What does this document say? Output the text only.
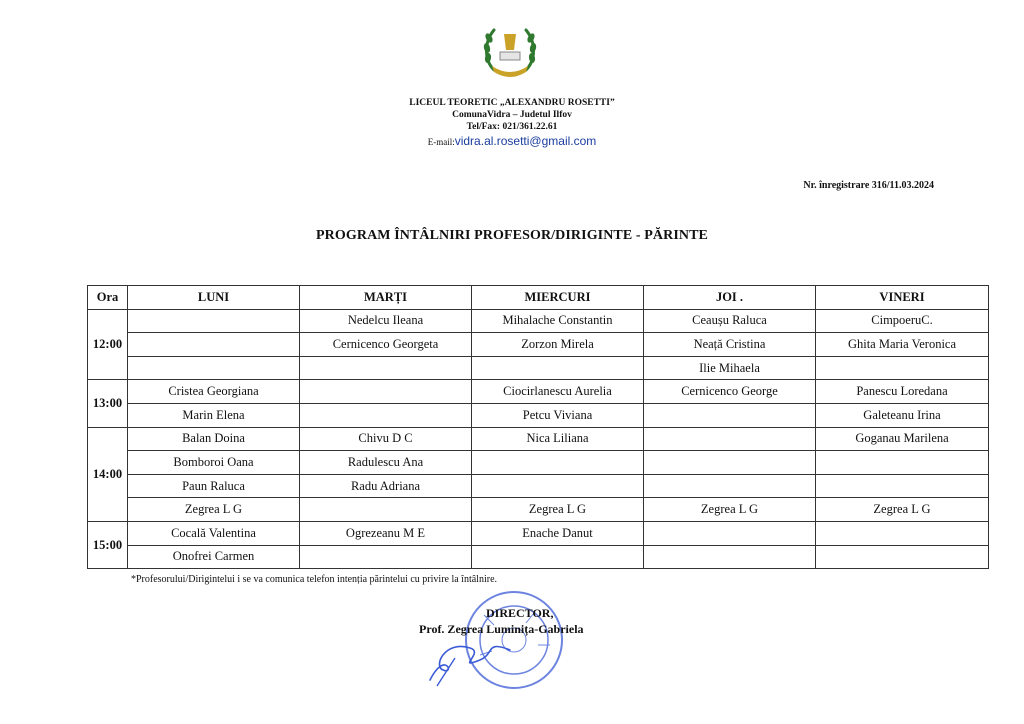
LICEUL TEORETIC „ALEXANDRU ROSETTI”
ComunaVidra – Judetul Ilfov
Tel/Fax: 021/361.22.61
E-mail:vidra.al.rosetti@gmail.com
Nr. înregistrare 316/11.03.2024
PROGRAM ÎNTÂLNIRI PROFESOR/DIRIGINTE - PĂRINTE
Ora	LUNI	MARȚI	MIERCURI	JOI .	VINERI
12:00		Nedelcu Ileana	Mihalache Constantin	Ceaușu Raluca	CimpoeruC.
		Cernicenco Georgeta	Zorzon Mirela	Neață Cristina	Ghita Maria Veronica
				Ilie Mihaela	
13:00	Cristea Georgiana		Ciocirlanescu Aurelia	Cernicenco George	Panescu Loredana
	Marin Elena		Petcu Viviana		Galeteanu Irina
14:00	Balan Doina	Chivu D C	Nica Liliana		Goganau Marilena
	Bomboroi Oana	Radulescu Ana			
	Paun Raluca	Radu Adriana			
	Zegrea L G		Zegrea L G	Zegrea L G	Zegrea L G
15:00	Cocală Valentina	Ogrezeanu M E	Enache Danut		
	Onofrei Carmen				
*Profesorului/Dirigintelui i se va comunica telefon intenția părintelui cu privire la întâlnire.
DIRECTOR,
Prof. Zegrea Luminița-Gabriela
